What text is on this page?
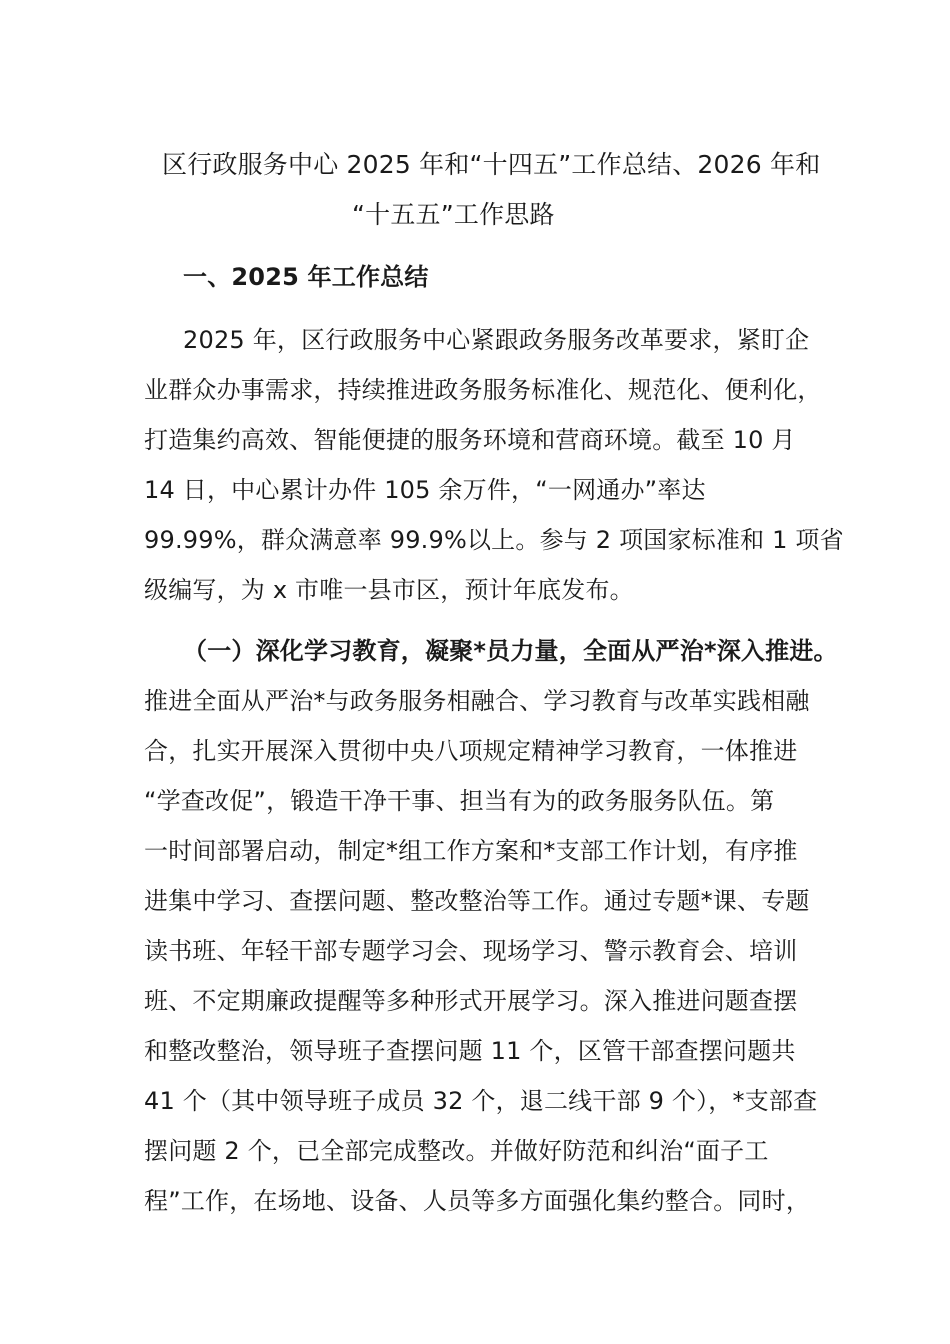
区行政服务中心 2025 年和“十四五”工作总结、2026 年和
“十五五”工作思路
一、2025 年工作总结
2025 年，区行政服务中心紧跟政务服务改革要求，紧盯企
业群众办事需求，持续推进政务服务标准化、规范化、便利化，
打造集约高效、智能便捷的服务环境和营商环境。截至 10 月
14 日，中心累计办件 105 余万件，“一网通办”率达
99.99%，群众满意率 99.9%以上。参与 2 项国家标准和 1 项省
级编写，为 x 市唯一县市区，预计年底发布。
（一）深化学习教育，凝聚*员力量，全面从严治*深入推进。
推进全面从严治*与政务服务相融合、学习教育与改革实践相融
合，扎实开展深入贯彻中央八项规定精神学习教育，一体推进
“学查改促”，锻造干净干事、担当有为的政务服务队伍。第
一时间部署启动，制定*组工作方案和*支部工作计划，有序推
进集中学习、查摆问题、整改整治等工作。通过专题*课、专题
读书班、年轻干部专题学习会、现场学习、警示教育会、培训
班、不定期廉政提醒等多种形式开展学习。深入推进问题查摆
和整改整治，领导班子查摆问题 11 个，区管干部查摆问题共
41 个（其中领导班子成员 32 个，退二线干部 9 个），*支部查
摆问题 2 个，已全部完成整改。并做好防范和纠治“面子工
程”工作，在场地、设备、人员等多方面强化集约整合。同时，
